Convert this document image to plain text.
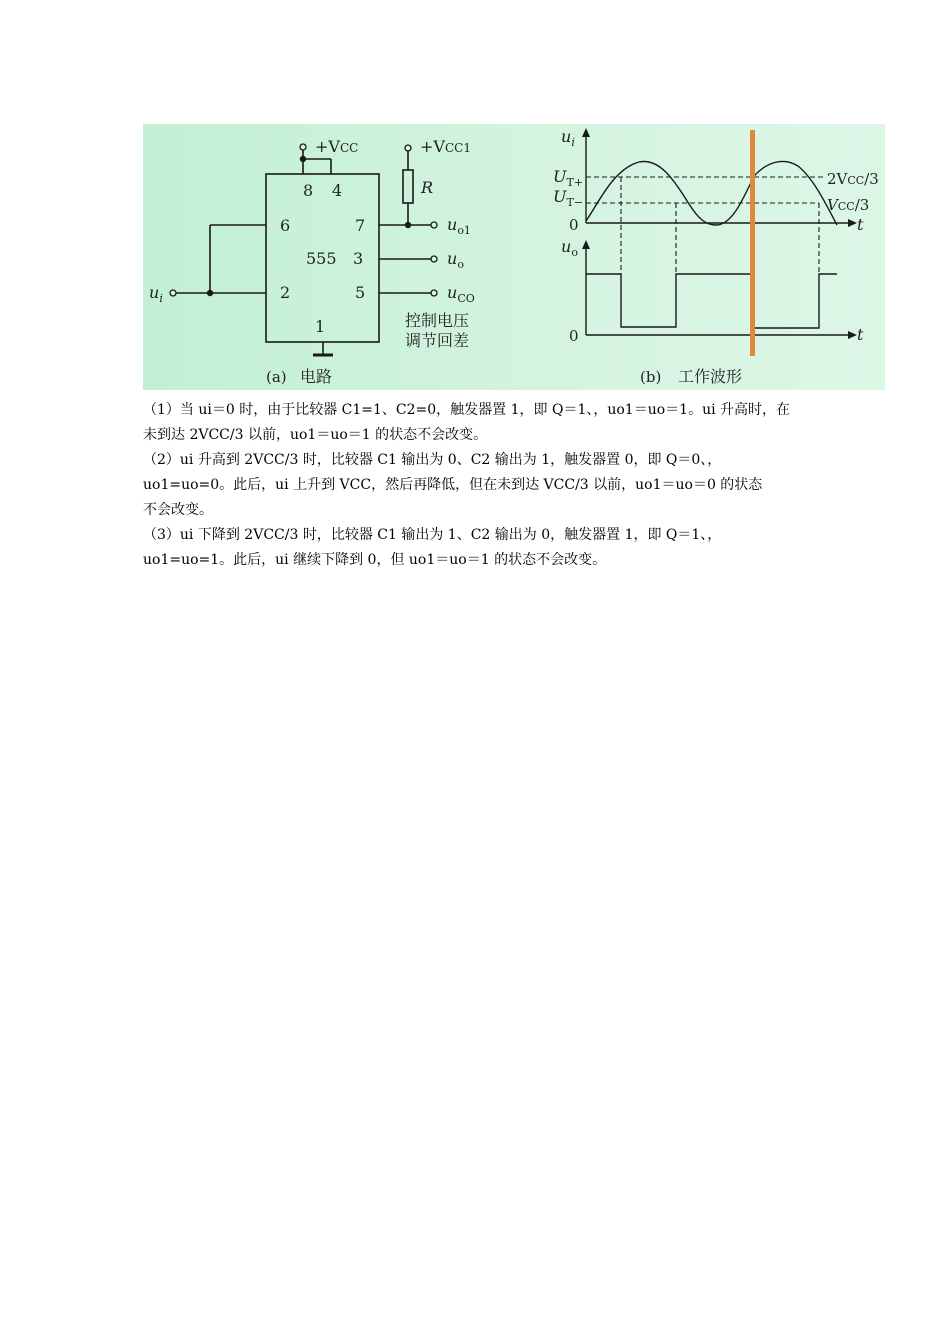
+VCC	+VCC1
R
8 4
6	7
555 3
2	5
1
$u_i$
$u_{o1}$
$u_o$
$u_{CO}$
控制电压
调节回差
(a) 电路
$u_i$
$U_{T+}$
$U_{T-}$
0
0
t
t
2VCC/3
VCC/3
$u_o$
(b) 工作波形

（1）当 ui＝0 时，由于比较器 C1=1、C2=0，触发器置 1，即 Q＝1、，uo1＝uo＝1。ui 升高时，在

未到达 2VCC/3 以前，uo1＝uo＝1 的状态不会改变。

（2）ui 升高到 2VCC/3 时，比较器 C1 输出为 0、C2 输出为 1，触发器置 0，即 Q＝0、，

uo1=uo=0。此后，ui 上升到 VCC，然后再降低，但在未到达 VCC/3 以前，uo1＝uo＝0 的状态

不会改变。

（3）ui 下降到 2VCC/3 时，比较器 C1 输出为 1、C2 输出为 0，触发器置 1，即 Q＝1、，

uo1=uo=1。此后，ui 继续下降到 0，但 uo1＝uo＝1 的状态不会改变。
